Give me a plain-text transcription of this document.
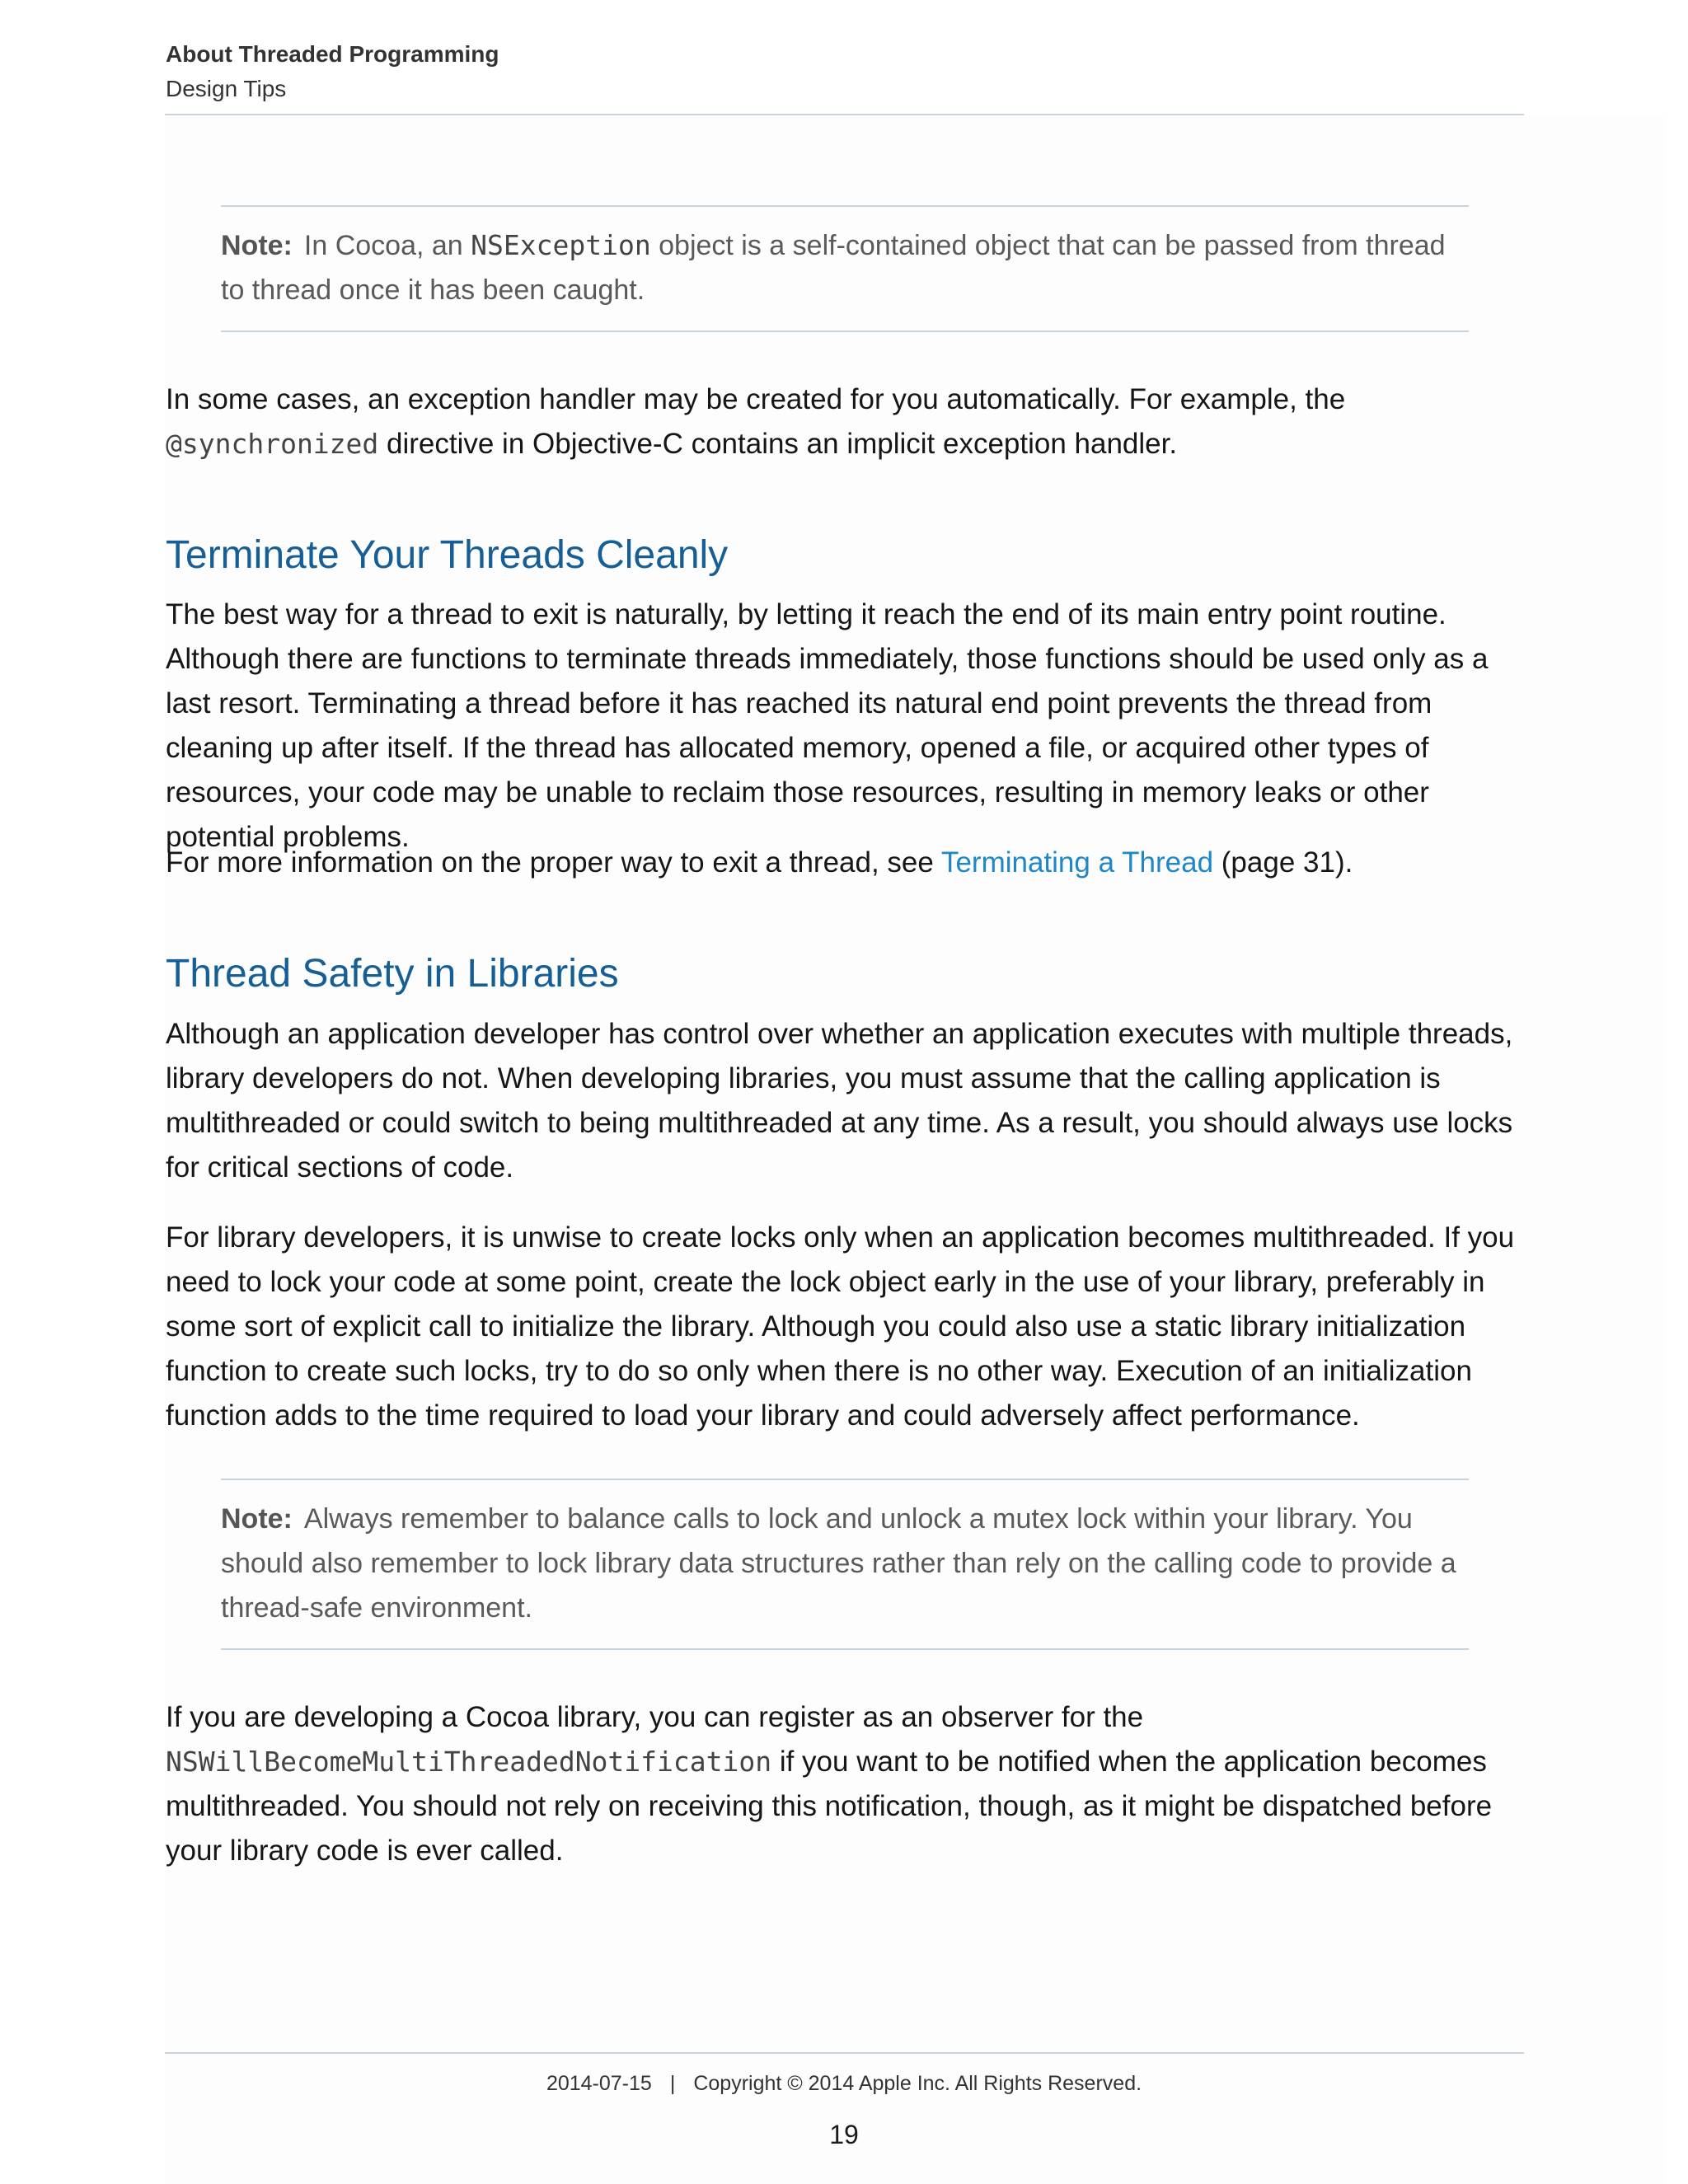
About Threaded Programming
Design Tips
Note: In Cocoa, an NSException object is a self-contained object that can be passed from thread to thread once it has been caught.

In some cases, an exception handler may be created for you automatically. For example, the @synchronized directive in Objective-C contains an implicit exception handler.

Terminate Your Threads Cleanly

The best way for a thread to exit is naturally, by letting it reach the end of its main entry point routine. Although there are functions to terminate threads immediately, those functions should be used only as a last resort. Terminating a thread before it has reached its natural end point prevents the thread from cleaning up after itself. If the thread has allocated memory, opened a file, or acquired other types of resources, your code may be unable to reclaim those resources, resulting in memory leaks or other potential problems.

For more information on the proper way to exit a thread, see Terminating a Thread (page 31).

Thread Safety in Libraries

Although an application developer has control over whether an application executes with multiple threads, library developers do not. When developing libraries, you must assume that the calling application is multithreaded or could switch to being multithreaded at any time. As a result, you should always use locks for critical sections of code.

For library developers, it is unwise to create locks only when an application becomes multithreaded. If you need to lock your code at some point, create the lock object early in the use of your library, preferably in some sort of explicit call to initialize the library. Although you could also use a static library initialization function to create such locks, try to do so only when there is no other way. Execution of an initialization function adds to the time required to load your library and could adversely affect performance.

Note: Always remember to balance calls to lock and unlock a mutex lock within your library. You should also remember to lock library data structures rather than rely on the calling code to provide a thread-safe environment.

If you are developing a Cocoa library, you can register as an observer for the NSWillBecomeMultiThreadedNotification if you want to be notified when the application becomes multithreaded. You should not rely on receiving this notification, though, as it might be dispatched before your library code is ever called.

2014-07-15 | Copyright © 2014 Apple Inc. All Rights Reserved.
19
